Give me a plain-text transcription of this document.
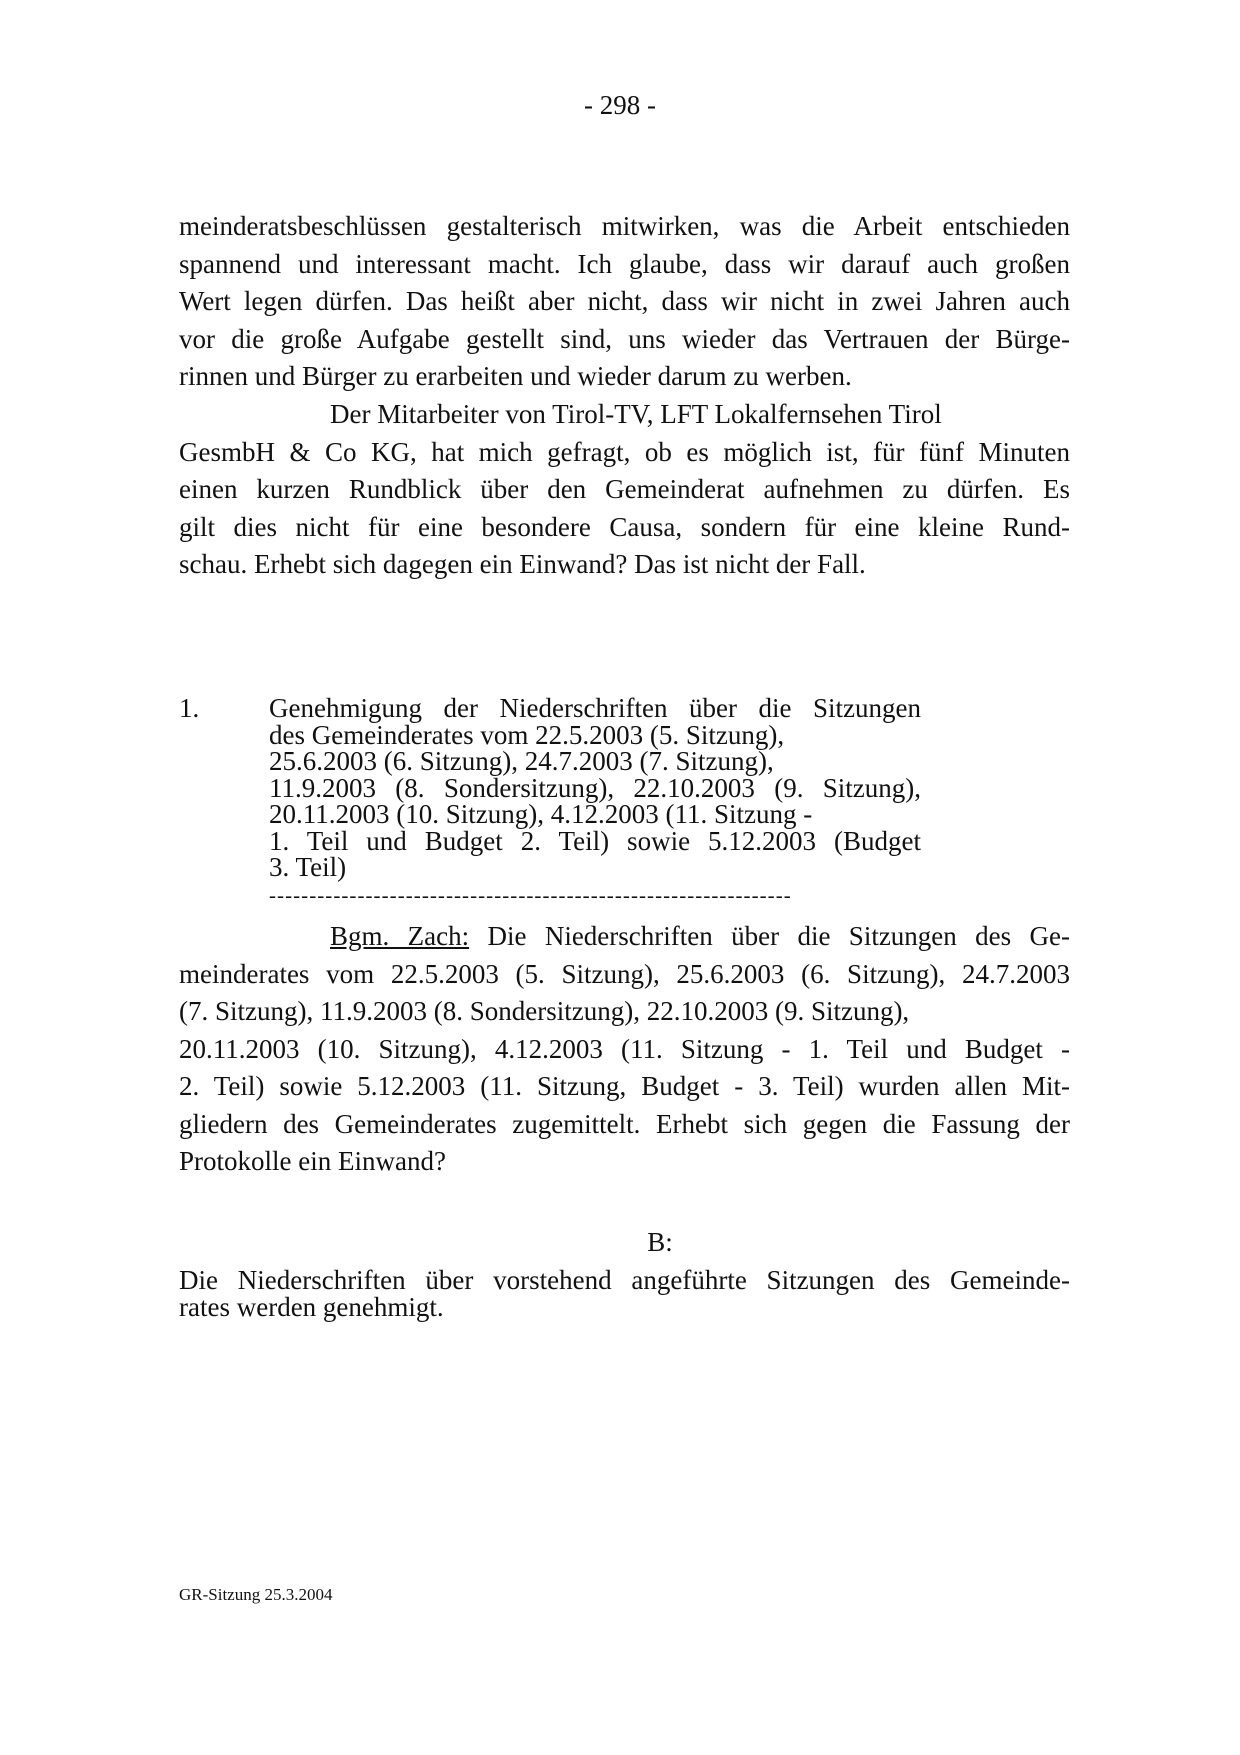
- 298 -
meinderatsbeschlüssen gestalterisch mitwirken, was die Arbeit entschieden
spannend und interessant macht. Ich glaube, dass wir darauf auch großen
Wert legen dürfen. Das heißt aber nicht, dass wir nicht in zwei Jahren auch
vor die große Aufgabe gestellt sind, uns wieder das Vertrauen der Bürge-
rinnen und Bürger zu erarbeiten und wieder darum zu werben.
Der Mitarbeiter von Tirol-TV, LFT Lokalfernsehen Tirol
GesmbH & Co KG, hat mich gefragt, ob es möglich ist, für fünf Minuten
einen kurzen Rundblick über den Gemeinderat aufnehmen zu dürfen. Es
gilt dies nicht für eine besondere Causa, sondern für eine kleine Rund-
schau. Erhebt sich dagegen ein Einwand? Das ist nicht der Fall.
1.	Genehmigung der Niederschriften über die Sitzungen
des Gemeinderates vom 22.5.2003 (5. Sitzung),
25.6.2003 (6. Sitzung), 24.7.2003 (7. Sitzung),
11.9.2003 (8. Sondersitzung), 22.10.2003 (9. Sitzung),
20.11.2003 (10. Sitzung), 4.12.2003 (11. Sitzung -
1. Teil und Budget 2. Teil) sowie 5.12.2003 (Budget
3. Teil)
-----------------------------------------------------------------
Bgm. Zach: Die Niederschriften über die Sitzungen des Ge-
meinderates vom 22.5.2003 (5. Sitzung), 25.6.2003 (6. Sitzung), 24.7.2003
(7. Sitzung), 11.9.2003 (8. Sondersitzung), 22.10.2003 (9. Sitzung),
20.11.2003 (10. Sitzung), 4.12.2003 (11. Sitzung - 1. Teil und Budget -
2. Teil) sowie 5.12.2003 (11. Sitzung, Budget - 3. Teil) wurden allen Mit-
gliedern des Gemeinderates zugemittelt. Erhebt sich gegen die Fassung der
Protokolle ein Einwand?
B:
Die Niederschriften über vorstehend angeführte Sitzungen des Gemeinde-
rates werden genehmigt.
GR-Sitzung 25.3.2004
